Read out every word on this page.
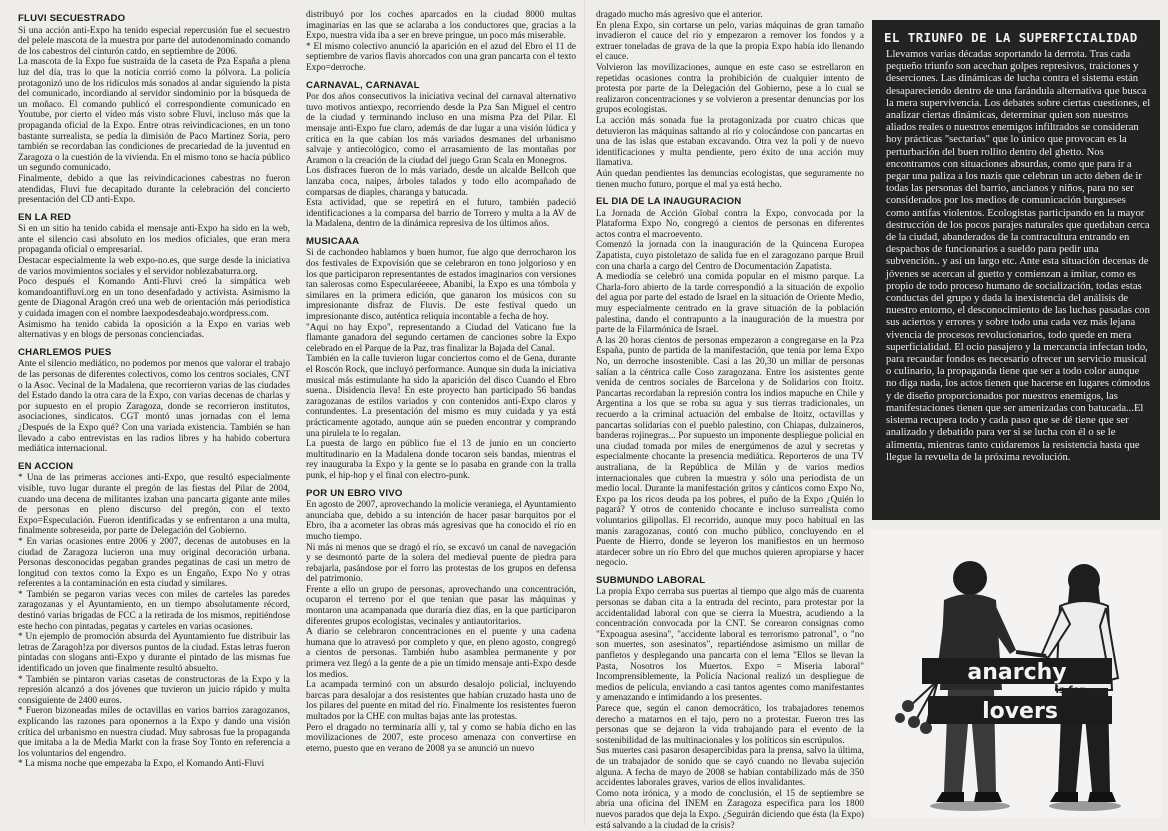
FLUVI SECUESTRADO

Si una acción anti-Expo ha tenido especial repercusión fue el secuestro del pelele mascota de la muestra por parte del autodenominado comando de los cabestros del cinturón catdo, en septiembre de 2006.

La mascota de la Expo fue sustraída de la caseta de Pza España a plena luz del día, tras lo que la noticia corrió como la pólvora. La policía protagonizó uno de los ridículos más sonados al andar siguiendo la pista del comunicado, incordiando al servidor sindominio por la búsqueda de un moñaco. El comando publicó el correspondiente comunicado en Youtube, por cierto el vídeo más visto sobre Fluvi, incluso más que la propaganda oficial de la Expo. Entre otras reivindicaciones, en un tono bastante surrealista, se pedía la dimisión de Paco Martínez Soria, pero también se recordaban las condiciones de precariedad de la juventud en Zaragoza o la cuestión de la vivienda. En el mismo tono se hacía público un segundo comunicado.

Finalmente, debido a que las reivindicaciones cabestras no fueron atendidas, Fluvi fue decapitado durante la celebración del concierto presentación del CD anti-Expo.

EN LA RED

Si en un sitio ha tenido cabida el mensaje anti-Expo ha sido en la web, ante el silencio casi absoluto en los medios oficiales, que eran mera propaganda oficial o empresarial.

Destacar especialmente la web expo-no.es, que surge desde la iniciativa de varios movimientos sociales y el servidor noblezabaturra.org.

Poco después el Komando Anti-Fluvi creó la simpática web komandoantifluvi.org en un tono desenfadado y activista. Asimismo la gente de Diagonal Aragón creó una web de orientación más periodística y cuidada imagen con el nombre laexpodesdeabajo.wordpress.com.

Asimismo ha tenido cabida la oposición a la Expo en varias web alternativas y en blogs de personas concienciadas.

CHARLEMOS PUES

Ante el silencio mediático, no podemos por menos que valorar el trabajo de las personas de diferentes colectivos, como los centros sociales, CNT o la Asoc. Vecinal de la Madalena, que recorrieron varias de las ciudades del Estado dando la otra cara de la Expo, con varias decenas de charlas y por supuesto en el propio Zaragoza, donde se recorrieron institutos, asociaciones, sindicatos. CGT montó unas jornadas con el lema ¿Después de la Expo qué? Con una variada existencia. También se han llevado a cabo entrevistas en las radios libres y ha habido cobertura mediática internacional.

EN ACCION

* Una de las primeras acciones anti-Expo, que resultó especialmente visible, tuvo lugar durante el pregón de las fiestas del Pilar de 2004, cuando una decena de militantes izaban una pancarta gigante ante miles de personas en pleno discurso del pregón, con el texto Expo=Especulación. Fueron identificadas y se enfrentaron a una multa, finalmente sobreseida, por parte de Delegación del Gobierno.

* En varias ocasiones entre 2006 y 2007, decenas de autobuses en la ciudad de Zaragoza lucieron una muy original decoración urbana. Personas desconocidas pegaban grandes pegatinas de casi un metro de longitud con textos como la Expo es un Engaño, Expo No y otras referentes a la contaminación en esta ciudad y similares.

* También se pegaron varias veces con miles de carteles las paredes zaragozanas y el Ayuntamiento, en un tiempo absolutamente récord, destinó varias brigadas de FCC a la retirada de los mismos, repitiéndose este hecho con pintadas, pegatas y carteles en varias ocasiones.

* Un ejemplo de promoción absurda del Ayuntamiento fue distribuir las letras de Zaragoh!za por diversos puntos de la ciudad. Estas letras fueron pintadas con slogans anti-Expo y durante el pintado de las mismas fue identificado un joven que finalmente resultó absuelto.

* También se pintaron varias casetas de constructoras de la Expo y la represión alcanzó a dos jóvenes que tuvieron un juicio rápido y multa consiguiente de 2400 euros.

* Fueron bizoneadas miles de octavillas en varios barrios zaragozanos, explicando las razones para oponernos a la Expo y dando una visión crítica del urbanismo en nuestra ciudad. Muy sabrosas fue la propaganda que imitaba a la de Media Markt con la frase Soy Tonto en referencia a los voluntarios del engendro.

* La misma noche que empezaba la Expo, el Komando Anti-Fluvi

distribuyó por los coches aparcados en la ciudad 8000 multas imaginarias en las que se aclaraba a los conductores que, gracias a la Expo, nuestra vida iba a ser en breve pringue, un poco más miserable.

* El mismo colectivo anunció la aparición en el azud del Ebro el 11 de septiembre de varios flavis ahorcados con una gran pancarta con el texto Expo=derroche.

CARNAVAL, CARNAVAL

Por dos años consecutivos la iniciativa vecinal del carnaval alternativo tuvo motivos antiexpo, recorriendo desde la Pza San Miguel el centro de la ciudad y terminando incluso en una misma Pza del Pilar. El mensaje anti-Expo fue claro, además de dar lugar a una visión lúdica y crítica en la que cabían los más variados desmanes del urbanismo salvaje y antiecológico, como el arrasamiento de las montañas por Aramon o la creación de la ciudad del juego Gran Scala en Monegros.

Los disfraces fueron de lo más variado, desde un alcalde Bellcoh que lanzaba coca, naipes, árboles talados y todo ello acompañado de comparsas de diaples, charanga y batucada.

Esta actividad, que se repetirá en el futuro, también padeció identificaciones a la comparsa del barrio de Torrero y multa a la AV de la Madalena, dentro de la dinámica represiva de los últimos años.

MUSICAAA

Si de cachondeo hablamos y buen humor, fue algo que derrocharon los dos festivales de Expovisión que se celebraron en tono jolgorioso y en los que participaron representantes de estados imaginarios con versiones tan salerosas como Especularéeeee, Abanibi, la Expo es una tómbola y similares en la primera edición, que ganaron los músicos con su impresionante disfraz de Fluvis. De este festival quedo un impresionante disco, auténtica reliquia incontable a fecha de hoy.

"Aquí no hay Expo", representando a Ciudad del Vaticano fue la flamante ganadora del segundo certamen de canciones sobre la Expo celebrado en el Parque de la Paz, tras finalizar la Bajada del Canal.

También en la calle tuvieron lugar conciertos como el de Gena, durante el Roscón Rock, que incluyó performance. Aunque sin duda la iniciativa musical más estimulante ha sido la aparición del disco Cuando el Ebro suena.. Disidencia lleva! En este proyecto han participado 56 bandas zaragozanas de estilos variados y con contenidos anti-Expo claros y contundentes. La presentación del mismo es muy cuidada y ya está prácticamente agotado, aunque aún se pueden encontrar y comprando una pirulela te lo regalan.

La puesta de largo en público fue el 13 de junio en un concierto multitudinario en la Madalena donde tocaron seis bandas, mientras el rey inauguraba la Expo y la gente se lo pasaba en grande con la tralla punk, el hip-hop y el final con electro-punk.

POR UN EBRO VIVO

En agosto de 2007, aprovechando la molicie veraniega, el Ayuntamiento anunciaba que, debido a su intención de hacer pasar barquitos por el Ebro, iba a acometer las obras más agresivas que ha conocido el río en mucho tiempo.

Ni más ni menos que se dragó el río, se excavó un canal de navegación y se desmontó parte de la solera del medieval puente de piedra para rebajarla, pasándose por el forro las protestas de los grupos en defensa del patrimonio.

Frente a ello un grupo de personas, aprovechando una concentración, ocuparon el terreno por el que tenían que pasar las máquinas y montaron una acampanada que duraría diez días, en la que participaron diferentes grupos ecologistas, vecinales y antiautoritarios.

A diario se celebraron concentraciones en el puente y una cadena humana que lo atravesó por completo y que, en pleno agosto, congregó a cientos de personas. También hubo asamblea permanente y por primera vez llegó a la gente de a pie un tímido mensaje anti-Expo desde los medios.

La acampada terminó con un absurdo desalojo policial, incluyendo barcas para desalojar a dos resistentes que habían cruzado hasta uno de los pilares del puente en mitad del río. Finalmente los resistentes fueron multados por la CHE con multas bajas ante las protestas.

Pero el dragado no terminaría allí y, tal y como se había dicho en las movilizaciones de 2007, este proceso amenaza con convertirse en eterno, puesto que en verano de 2008 ya se anunció un nuevo

dragado mucho más agresivo que el anterior.

En plena Expo, sin cortarse un pelo, varias máquinas de gran tamaño invadieron el cauce del río y empezaron a remover los fondos y a extraer toneladas de grava de la que la propia Expo había ido llenando el cauce.

Volvieron las movilizaciones, aunque en este caso se estrellaron en repetidas ocasiones contra la prohibición de cualquier intento de protesta por parte de la Delegación del Gobierno, pese a lo cual se realizaron concentraciones y se volvieron a presentar denuncias por los grupos ecologistas.

La acción más sonada fue la protagonizada por cuatro chicas que detuvieron las máquinas saltando al río y colocándose con pancartas en una de las islas que estaban excavando. Otra vez la poli y de nuevo identificaciones y multa pendiente, pero éxito de una acción muy llamativa.

Aún quedan pendientes las denuncias ecologistas, que seguramente no tienen mucho futuro, porque el mal ya está hecho.

EL DIA DE LA INAUGURACION

La Jornada de Acción Global contra la Expo, convocada por la Plataforma Expo No, congregó a cientos de personas en diferentes actos contra el macroevento.

Comenzó la jornada con la inauguración de la Quincena Europea Zapatista, cuyo pistoletazo de salida fue en el zaragozano parque Bruil con una charla a cargo del Centro de Documentación Zapatista.

A mediodía se celebró una comida popular en el mismo parque. La Charla-foro abierto de la tarde correspondió a la situación de expolio del agua por parte del estado de Israel en la situación de Oriente Medio, muy especialmente centrado en la grave situación de la población palestina, dando el contrapunto a la inauguración de la muestra por parte de la Filarmónica de Israel.

A las 20 horas cientos de personas empezaron a congregarse en la Pza España, punto de partida de la manifestación, que tenía por lema Expo No, un derroche insostenible. Casi a las 20,30 un millar de personas salían a la céntrica calle Coso zaragozana. Entre los asistentes gente venida de centros sociales de Barcelona y de Solidarios con Itoitz. Pancartas recordaban la represión contra los indios mapuche en Chile y Argentina a los que se roba su agua y sus tierras tradicionales, un recuerdo a la criminal actuación del embalse de Itoitz, octavillas y pancartas solidarias con el pueblo palestino, con Chiapas, dulzaineros, banderas rojinegras... Por supuesto un imponente despliegue policial en una ciudad tomada por miles de energúmenos de azul y secretas y especialmente chocante la presencia mediática. Reporteros de una TV australiana, de la República de Milán y de varios medios internacionales que cubren la muestra y sólo una periodista de un medio local. Durante la manifestación gritos y cánticos como Expo No, Expo pa los ricos deuda pa los pobres, el puño de la Expo ¿Quién lo pagará? Y otros de contenido chocante e incluso surrealista como voluntarios gilipollas. El recorrido, aunque muy poco habitual en las manis zaragozanas, contó con mucho público, concluyendo en el Puente de Hierro, donde se leyeron los manifiestos en un hermoso atardecer sobre un río Ebro del que muchos quieren apropiarse y hacer negocio.

SUBMUNDO LABORAL

La propia Expo cerraba sus puertas al tiempo que algo más de cuarenta personas se daban cita a la entrada del recinto, para protestar por la accidentalidad laboral con que se cierra la Muestra, acudiendo a la concentración convocada por la CNT. Se corearon consignas como "Expoagua asesina", "accidente laboral es terrorismo patronal", o "no son muertes, son asesinatos", repartiéndose asimismo un millar de panfletos y desplegando una pancarta con el lema "Ellos se llevan la Pasta, Nosotros los Muertos. Expo = Miseria laboral" Incomprensiblemente, la Policía Nacional realizó un despliegue de medios de película, enviando a casi tantos agentes como manifestantes y amenazando e intimidando a los presentes.

Parece que, según el canon democrático, los trabajadores tenemos derecho a matarnos en el tajo, pero no a protestar. Fueron tres las personas que se dejaron la vida trabajando para el evento de la sostenibilidad de las multinacionales y los políticos sin escrúpulos.

Sus muertes casi pasaron desapercibidas para la prensa, salvo la última, de un trabajador de sonido que se cayó cuando no llevaba sujeción alguna. A fecha de mayo de 2008 se habían contabilizado más de 350 accidentes laborales graves, varios de ellos invalidantes.

Como nota irónica, y a modo de conclusión, el 15 de septiembre se abría una oficina del INEM en Zaragoza específica para los 1800 nuevos parados que deja la Expo. ¿Seguirán diciendo que ésta (la Expo) está salvando a la ciudad de la crisis?

EL TRIUNFO DE LA SUPERFICIALIDAD

Llevamos varias décadas soportando la derrota. Tras cada pequeño triunfo son acechan golpes represivos, traiciones y deserciones. Las dinámicas de lucha contra el sistema están desapareciendo dentro de una farándula alternativa que busca la mera supervivencia. Los debates sobre ciertas cuestiones, el analizar ciertas dinámicas, determinar quien son nuestros aliados reales o nuestros enemigos infiltrados se consideran hoy prácticas "sectarias" que lo único que provocan es la perturbación del buen rollito dentro del ghetto. Nos encontramos con situaciones absurdas, como que para ir a pegar una paliza a los nazis que celebran un acto deben de ir todas las personas del barrio, ancianos y niños, para no ser considerados por los medios de comunicación burgueses como antifas violentos. Ecologistas participando en la mayor destrucción de los pocos parajes naturales que quedaban cerca de la ciudad, abanderados de la contracultura entrando en despachos de funcionarios a sueldo para pedir una subvención.. y así un largo etc. Ante esta situación decenas de jóvenes se acercan al guetto y comienzan a imitar, como es propio de todo proceso humano de socialización, todas estas conductas del grupo y dada la inexistencia del análisis de nuestro entorno, el desconocimiento de las luchas pasadas con sus aciertos y errores y sobre todo una cada vez más lejana vivencia de procesos revolucionarios, todo quede en mera superficialidad. El ocio pasajero y la mercancía infectan todo, para recaudar fondos es necesario ofrecer un servicio musical o culinario, la propaganda tiene que ser a todo color aunque no diga nada, los actos tienen que hacerse en lugares cómodos y de diseño proporcionados por nuestros enemigos, las manifestaciones tienen que ser amenizadas con batucada...El sistema recupera todo y cada paso que se dé tiene que ser analizado y debatido para ver si se lucha con él o se le alimenta, mientras tanto cuidaremos la resistencia hasta que llegue la revuelta de la próxima revolución.

anarchy
is for
lovers
